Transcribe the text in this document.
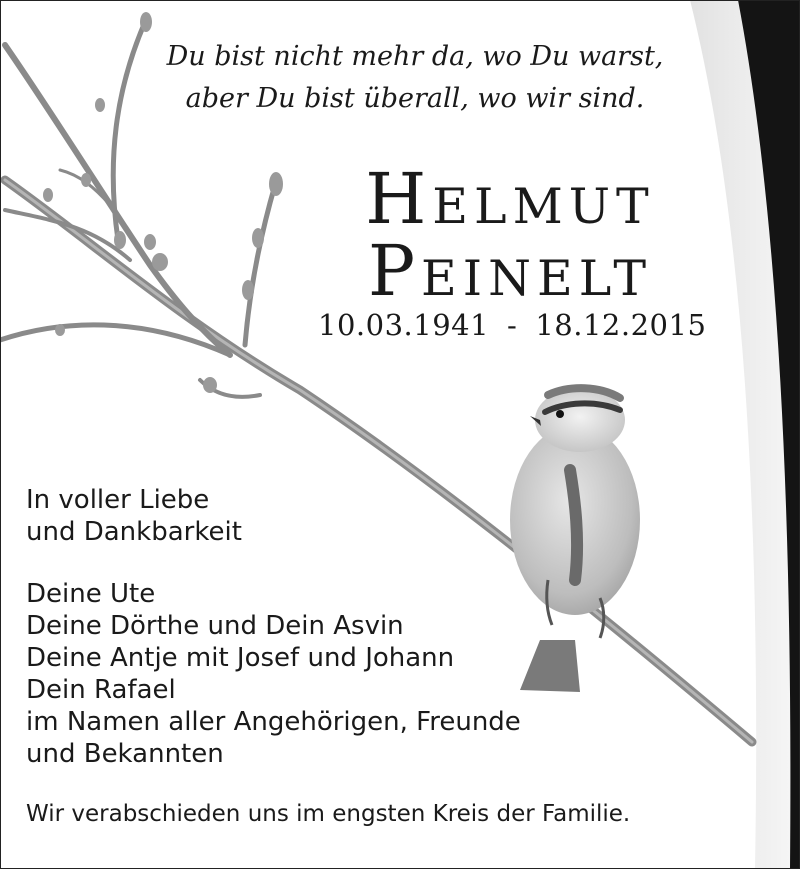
Du bist nicht mehr da, wo Du warst,
aber Du bist überall, wo wir sind.
Helmut
Peinelt
10.03.1941 - 18.12.2015
In voller Liebe
und Dankbarkeit
Deine Ute
Deine Dörthe und Dein Asvin
Deine Antje mit Josef und Johann
Dein Rafael
im Namen aller Angehörigen, Freunde
und Bekannten
Wir verabschieden uns im engsten Kreis der Familie.
